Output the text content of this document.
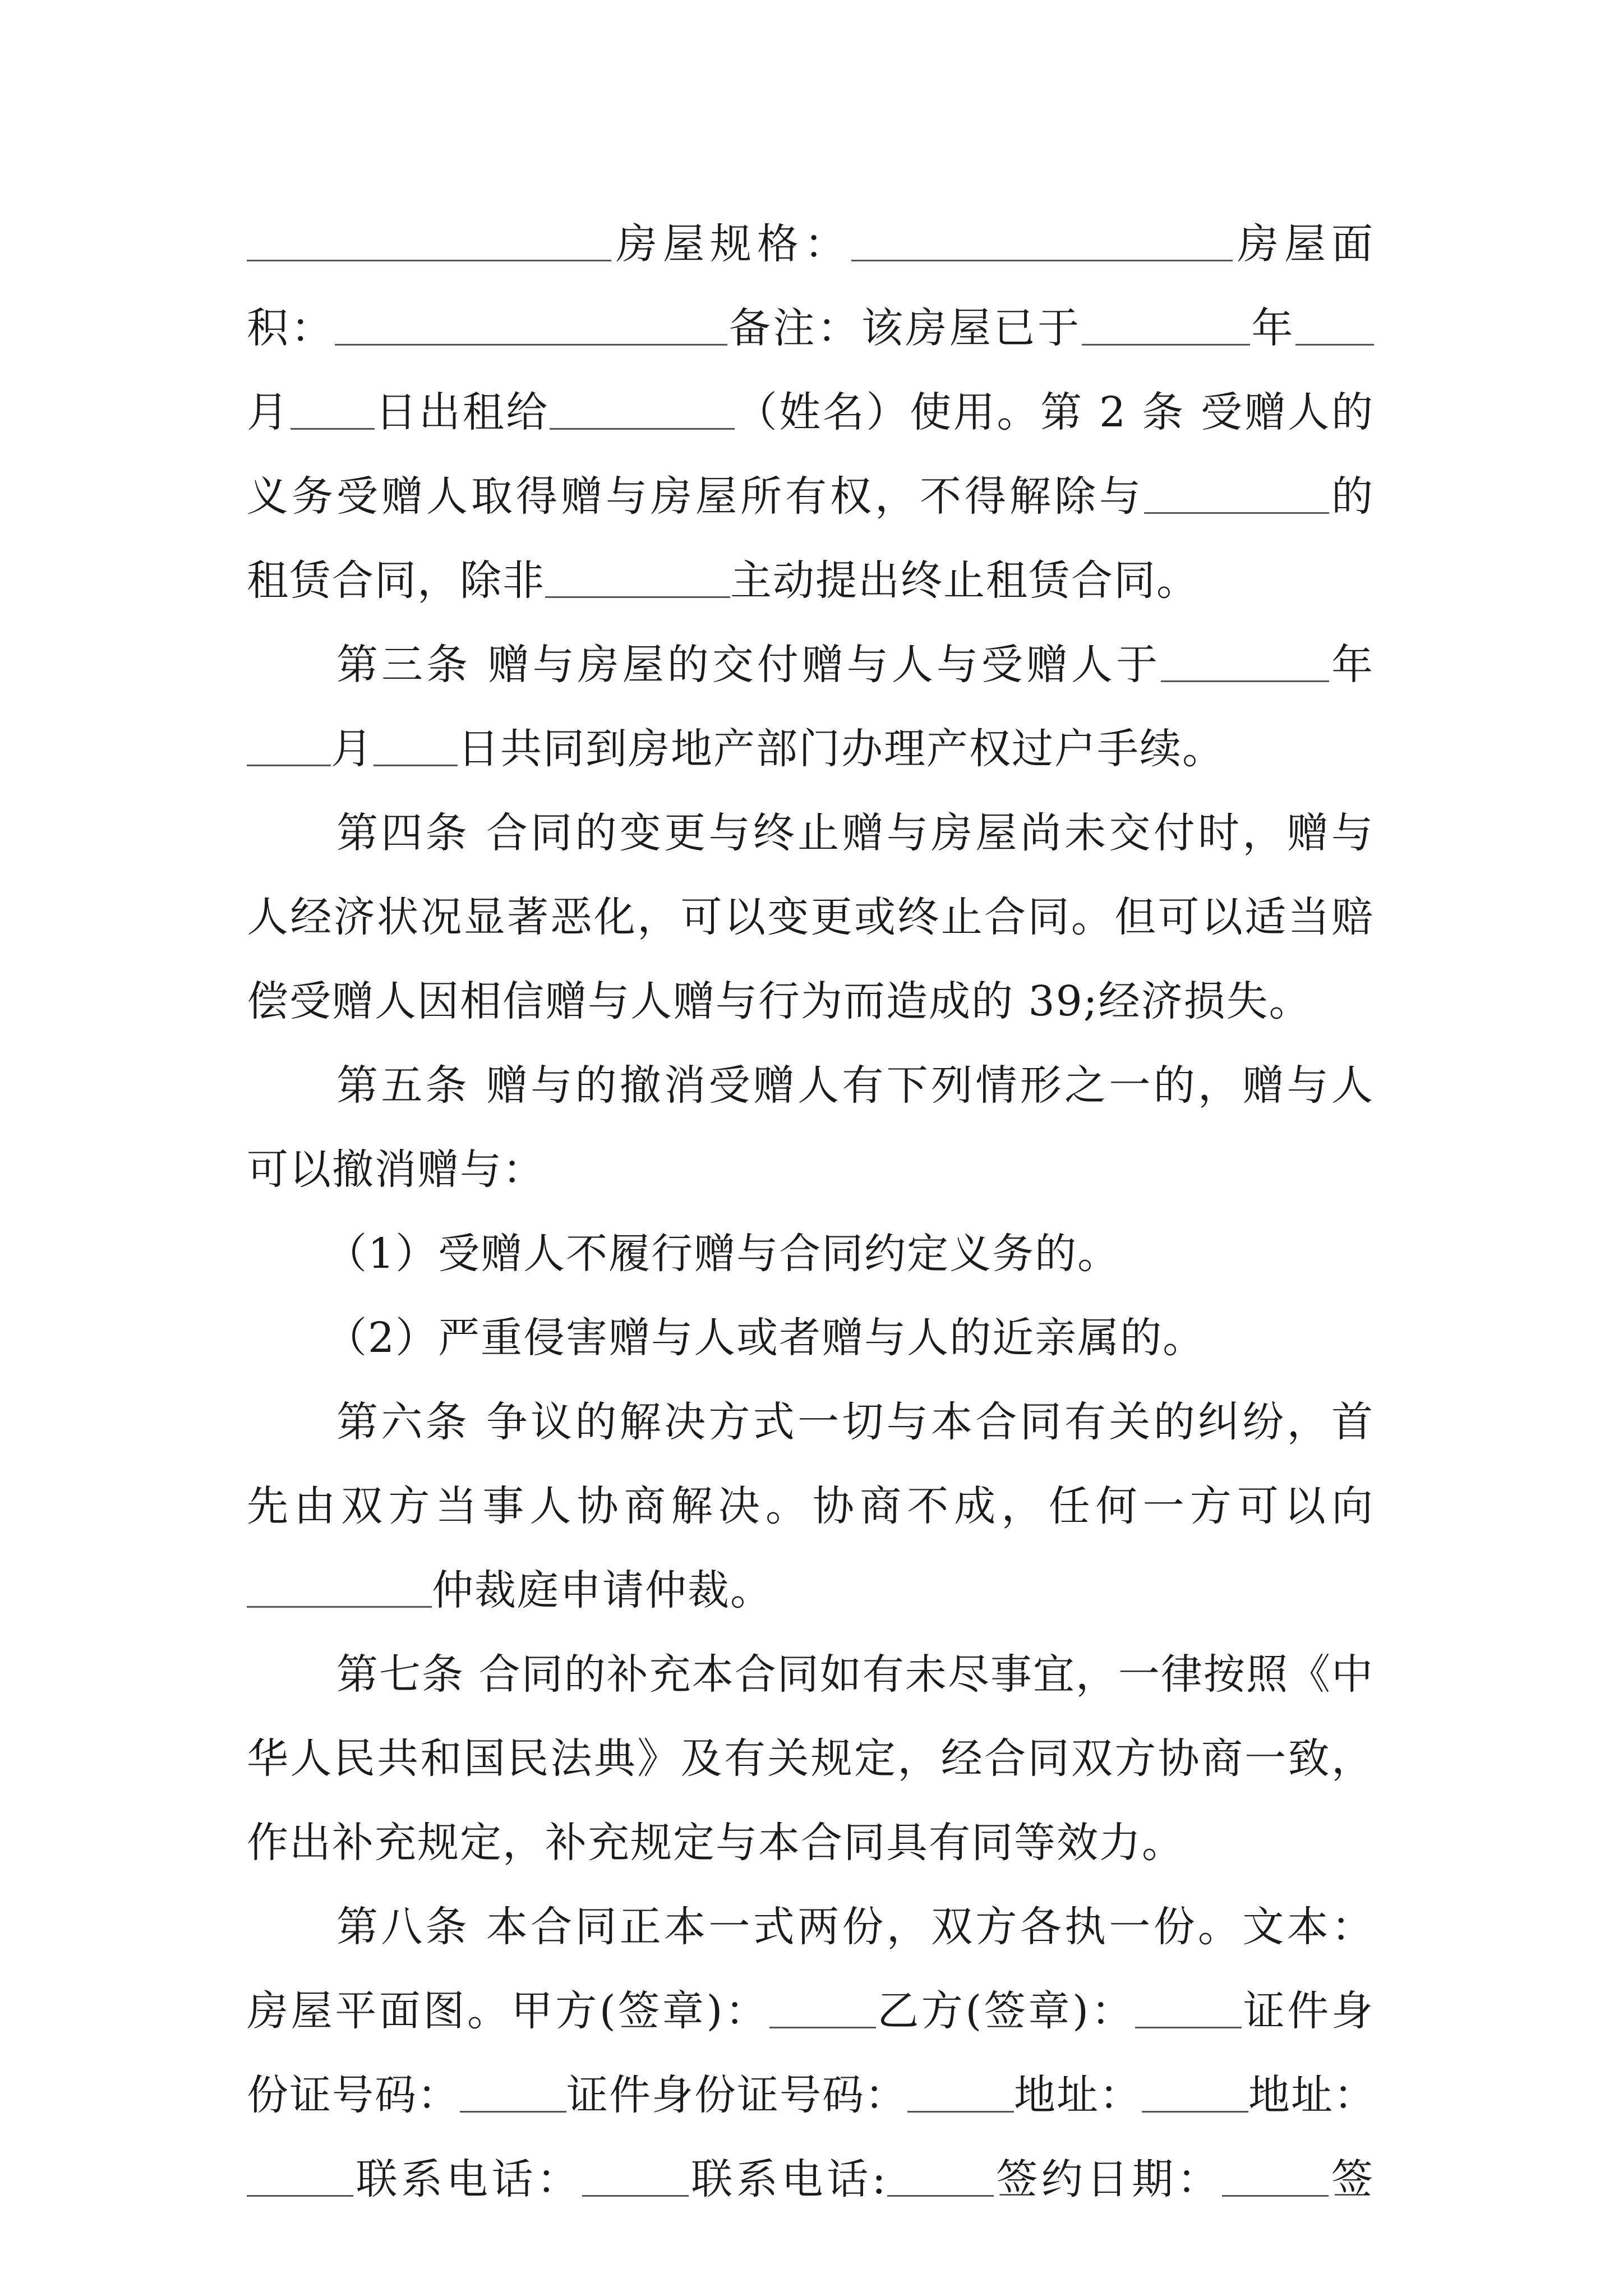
房屋规格：	房屋面
积：	备注：该房屋已于	年
月 日出租给	（姓名）使用。第 2 条 受赠人的
义务受赠人取得赠与房屋所有权，不得解除与	的
租赁合同，除非	主动提出终止租赁合同。
第三条 赠与房屋的交付赠与人与受赠人于	年
月 日共同到房地产部门办理产权过户手续。
第四条 合同的变更与终止赠与房屋尚未交付时，赠与
人经济状况显著恶化，可以变更或终止合同。但可以适当赔
偿受赠人因相信赠与人赠与行为而造成的 39;经济损失。
第五条 赠与的撤消受赠人有下列情形之一的，赠与人
可以撤消赠与：
（1）受赠人不履行赠与合同约定义务的。
（2）严重侵害赠与人或者赠与人的近亲属的。
第六条 争议的解决方式一切与本合同有关的纠纷，首
先由双方当事人协商解决。协商不成，任何一方可以向
仲裁庭申请仲裁。
第七条 合同的补充本合同如有未尽事宜，一律按照《中
华人民共和国民法典》及有关规定，经合同双方协商一致，
作出补充规定，补充规定与本合同具有同等效力。
第八条 本合同正本一式两份，双方各执一份。文本：
房屋平面图。甲方(签章)：	乙方(签章)：	证件身
份证号码：	证件身份证号码：	地址：	地址：
联系电话：	联系电话:	签约日期：	签
